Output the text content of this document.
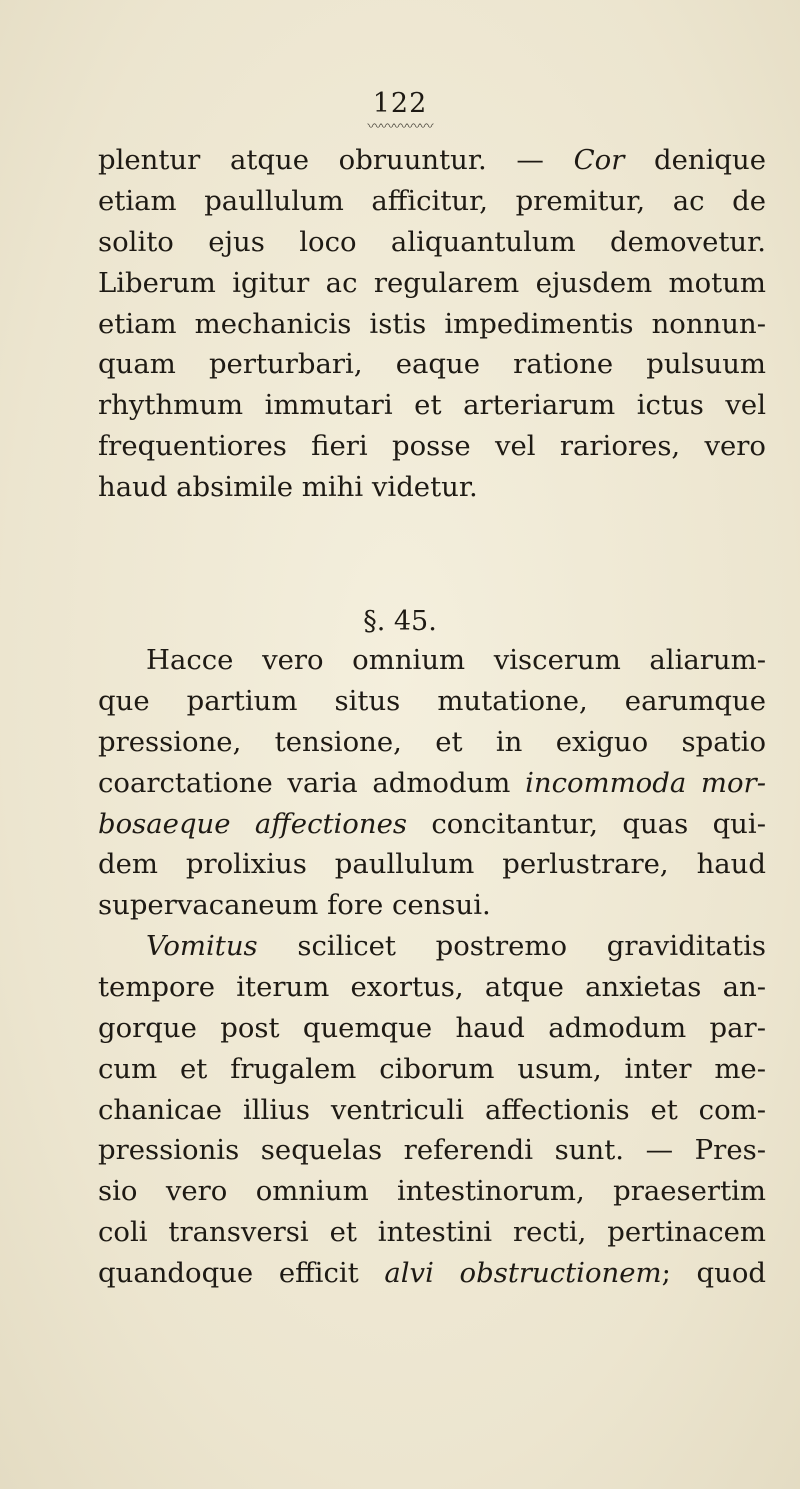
122
〰〰〰〰〰
plentur atque obruuntur. — Cor denique
etiam paullulum afficitur, premitur, ac de
solito ejus loco aliquantulum demovetur.
Liberum igitur ac regularem ejusdem motum
etiam mechanicis istis impedimentis nonnun-
quam perturbari, eaque ratione pulsuum
rhythmum immutari et arteriarum ictus vel
frequentiores fieri posse vel rariores, vero
haud absimile mihi videtur.
§. 45.
Hacce vero omnium viscerum aliarum-
que partium situs mutatione, earumque
pressione, tensione, et in exiguo spatio
coarctatione varia admodum incommoda mor-
bosaeque affectiones concitantur, quas qui-
dem prolixius paullulum perlustrare, haud
supervacaneum fore censui.
Vomitus scilicet postremo graviditatis
tempore iterum exortus, atque anxietas an-
gorque post quemque haud admodum par-
cum et frugalem ciborum usum, inter me-
chanicae illius ventriculi affectionis et com-
pressionis sequelas referendi sunt. — Pres-
sio vero omnium intestinorum, praesertim
coli transversi et intestini recti, pertinacem
quandoque efficit alvi obstructionem; quod
